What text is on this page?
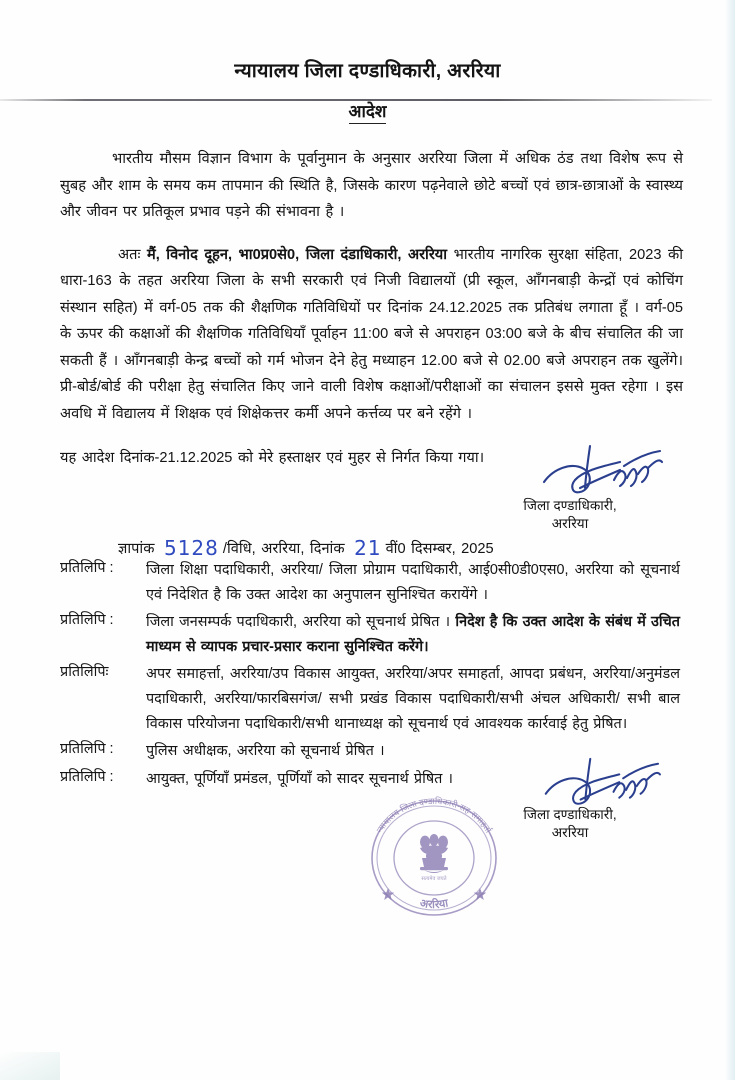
न्यायालय जिला दण्डाधिकारी, अररिया
आदेश

भारतीय मौसम विज्ञान विभाग के पूर्वानुमान के अनुसार अररिया जिला में अधिक ठंड तथा विशेष रूप से सुबह और शाम के समय कम तापमान की स्थिति है, जिसके कारण पढ़नेवाले छोटे बच्चों एवं छात्र-छात्राओं के स्वास्थ्य और जीवन पर प्रतिकूल प्रभाव पड़ने की संभावना है ।

अतः मैं, विनोद दूहन, भा0प्र0से0, जिला दंडाधिकारी, अररिया भारतीय नागरिक सुरक्षा संहिता, 2023 की धारा-163 के तहत अररिया जिला के सभी सरकारी एवं निजी विद्यालयों (प्री स्कूल, आँगनबाड़ी केन्द्रों एवं कोचिंग संस्थान सहित) में वर्ग-05 तक की शैक्षणिक गतिविधियों पर दिनांक 24.12.2025 तक प्रतिबंध लगाता हूँ । वर्ग-05 के ऊपर की कक्षाओं की शैक्षणिक गतिविधियाँ पूर्वाहन 11:00 बजे से अपराहन 03:00 बजे के बीच संचालित की जा सकती हैं । आँगनबाड़ी केन्द्र बच्चों को गर्म भोजन देने हेतु मध्याहन 12.00 बजे से 02.00 बजे अपराहन तक खुलेंगे। प्री-बोर्ड/बोर्ड की परीक्षा हेतु संचालित किए जाने वाली विशेष कक्षाओं/परीक्षाओं का संचालन इससे मुक्त रहेगा । इस अवधि में विद्यालय में शिक्षक एवं शिक्षेकत्तर कर्मी अपने कर्त्तव्य पर बने रहेंगे ।

यह आदेश दिनांक-21.12.2025 को मेरे हस्ताक्षर एवं मुहर से निर्गत किया गया।
जिला दण्डाधिकारी,
अररिया
ज्ञापांक 5128 /विधि, अररिया, दिनांक 21 वीं0 दिसम्बर, 2025
प्रतिलिपि :	जिला शिक्षा पदाधिकारी, अररिया/ जिला प्रोग्राम पदाधिकारी, आई0सी0डी0एस0, अररिया को सूचनार्थ एवं निदेशित है कि उक्त आदेश का अनुपालन सुनिश्चित करायेंगे ।
प्रतिलिपि :	जिला जनसम्पर्क पदाधिकारी, अररिया को सूचनार्थ प्रेषित । निदेश है कि उक्त आदेश के संबंध में उचित माध्यम से व्यापक प्रचार-प्रसार कराना सुनिश्चित करेंगे।
प्रतिलिपिः	अपर समाहर्त्ता, अररिया/उप विकास आयुक्त, अररिया/अपर समाहर्ता, आपदा प्रबंधन, अररिया/अनुमंडल पदाधिकारी, अररिया/फारबिसगंज/ सभी प्रखंड विकास पदाधिकारी/सभी अंचल अधिकारी/ सभी बाल विकास परियोजना पदाधिकारी/सभी थानाध्यक्ष को सूचनार्थ एवं आवश्यक कार्रवाई हेतु प्रेषित।
प्रतिलिपि :	पुलिस अधीक्षक, अररिया को सूचनार्थ प्रेषित ।
प्रतिलिपि :	आयुक्त, पूर्णियाँ प्रमंडल, पूर्णियाँ को सादर सूचनार्थ प्रेषित ।
जिला दण्डाधिकारी,
अररिया
न्यायालय जिला दण्डाधिकारी-सह-समाहर्ता
सत्यमेव जयते
अररिया
